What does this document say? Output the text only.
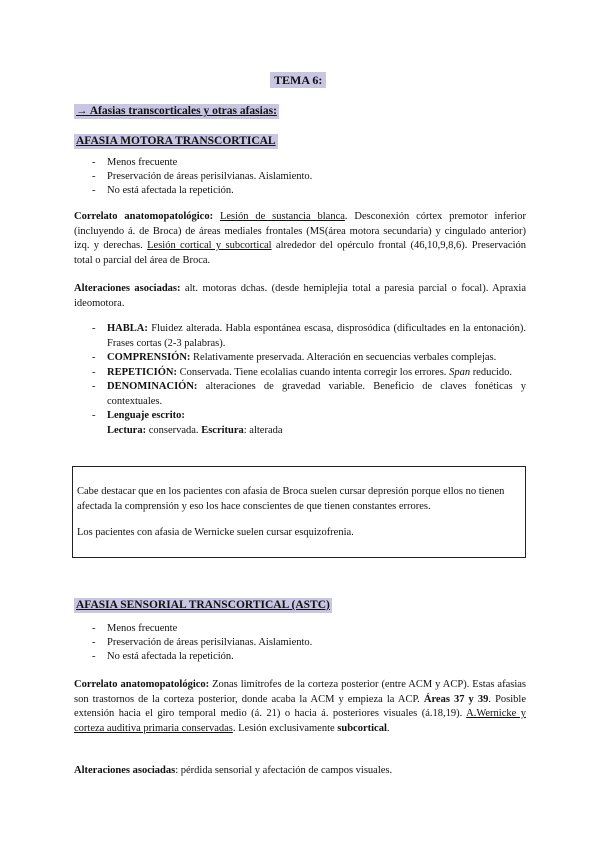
TEMA 6:
→ Afasias transcorticales y otras afasias:
AFASIA MOTORA TRANSCORTICAL
- Menos frecuente
- Preservación de áreas perisilvianas. Aislamiento.
- No está afectada la repetición.
Correlato anatomopatológico: Lesión de sustancia blanca. Desconexión córtex premotor inferior (incluyendo á. de Broca) de áreas mediales frontales (MS(área motora secundaria) y cingulado anterior) izq. y derechas. Lesión cortical y subcortical alrededor del opérculo frontal (46,10,9,8,6). Preservación total o parcial del área de Broca.
Alteraciones asociadas: alt. motoras dchas. (desde hemiplejia total a paresia parcial o focal). Apraxia ideomotora.
- HABLA: Fluidez alterada. Habla espontánea escasa, disprosódica (dificultades en la entonación). Frases cortas (2-3 palabras).
- COMPRENSIÓN: Relativamente preservada. Alteración en secuencias verbales complejas.
- REPETICIÓN: Conservada. Tiene ecolalias cuando intenta corregir los errores. Span reducido.
- DENOMINACIÓN: alteraciones de gravedad variable. Beneficio de claves fonéticas y contextuales.
- Lenguaje escrito:
Lectura: conservada. Escritura: alterada

Cabe destacar que en los pacientes con afasia de Broca suelen cursar depresión porque ellos no tienen afectada la comprensión y eso los hace conscientes de que tienen constantes errores.

Los pacientes con afasia de Wernicke suelen cursar esquizofrenia.

AFASIA SENSORIAL TRANSCORTICAL (ASTC)
- Menos frecuente
- Preservación de áreas perisilvianas. Aislamiento.
- No está afectada la repetición.
Correlato anatomopatológico: Zonas limítrofes de la corteza posterior (entre ACM y ACP). Estas afasias son trastornos de la corteza posterior, donde acaba la ACM y empieza la ACP. Áreas 37 y 39. Posible extensión hacia el giro temporal medio (á. 21) o hacia á. posteriores visuales (á.18,19). A.Wernicke y corteza auditiva primaria conservadas. Lesión exclusivamente subcortical.
Alteraciones asociadas: pérdida sensorial y afectación de campos visuales.
